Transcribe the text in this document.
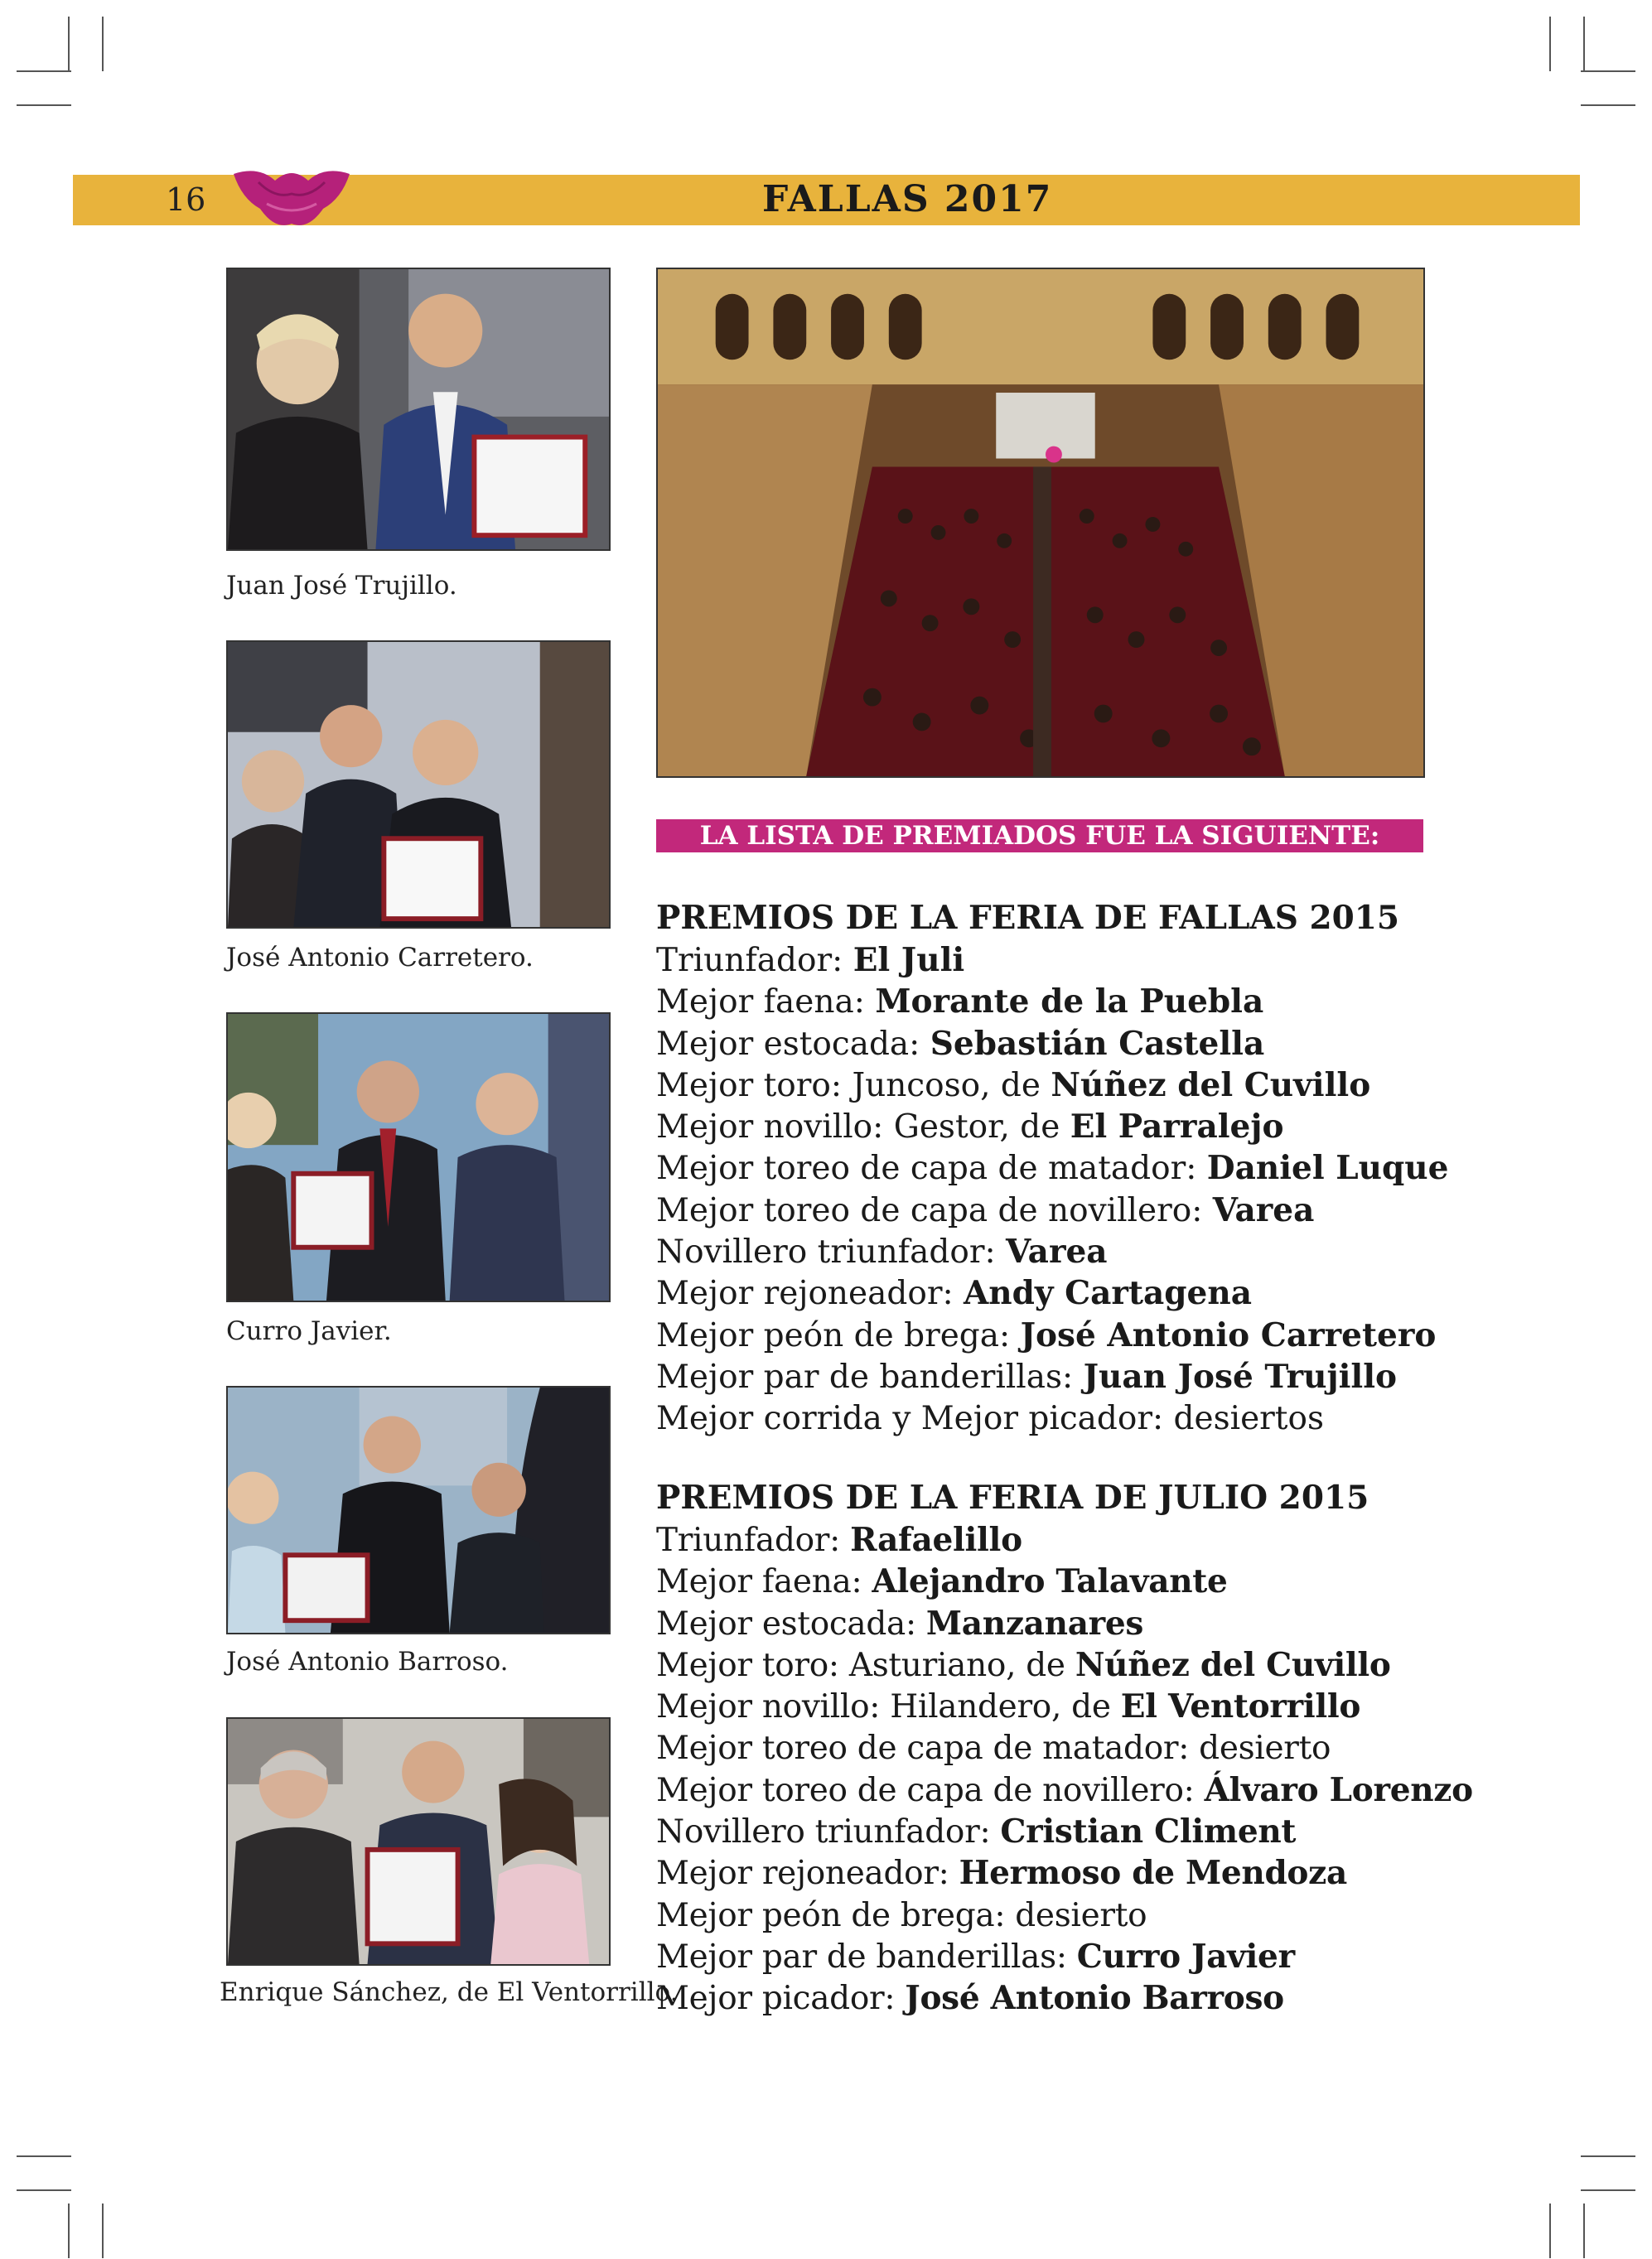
16	FALLAS 2017
Juan José Trujillo.
José Antonio Carretero.
Curro Javier.
José Antonio Barroso.
Enrique Sánchez, de El Ventorrillo.
LA LISTA DE PREMIADOS FUE LA SIGUIENTE:
PREMIOS DE LA FERIA DE FALLAS 2015
Triunfador: El Juli
Mejor faena: Morante de la Puebla
Mejor estocada: Sebastián Castella
Mejor toro: Juncoso, de Núñez del Cuvillo
Mejor novillo: Gestor, de El Parralejo
Mejor toreo de capa de matador: Daniel Luque
Mejor toreo de capa de novillero: Varea
Novillero triunfador: Varea
Mejor rejoneador: Andy Cartagena
Mejor peón de brega: José Antonio Carretero
Mejor par de banderillas: Juan José Trujillo
Mejor corrida y Mejor picador: desiertos
PREMIOS DE LA FERIA DE JULIO 2015
Triunfador: Rafaelillo
Mejor faena: Alejandro Talavante
Mejor estocada: Manzanares
Mejor toro: Asturiano, de Núñez del Cuvillo
Mejor novillo: Hilandero, de El Ventorrillo
Mejor toreo de capa de matador: desierto
Mejor toreo de capa de novillero: Álvaro Lorenzo
Novillero triunfador: Cristian Climent
Mejor rejoneador: Hermoso de Mendoza
Mejor peón de brega: desierto
Mejor par de banderillas: Curro Javier
Mejor picador: José Antonio Barroso
